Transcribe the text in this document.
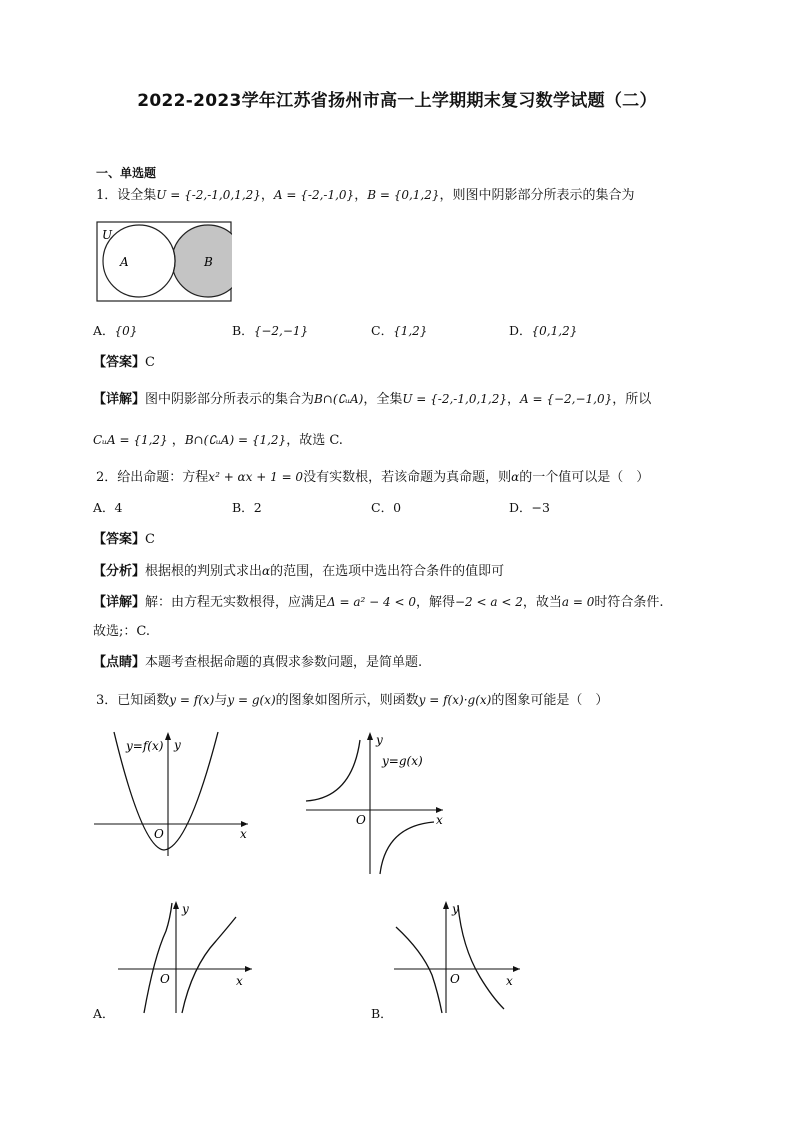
2022-2023学年江苏省扬州市高一上学期期末复习数学试题（二）
一、单选题
1．设全集U = {-2,-1,0,1,2}，A = {-2,-1,0}，B = {0,1,2}，则图中阴影部分所表示的集合为
U
A	B
A．{0}	B．{−2,−1}	C．{1,2}	D．{0,1,2}
【答案】C
【详解】图中阴影部分所表示的集合为B∩(∁ᵤA)，全集U = {-2,-1,0,1,2}，A = {−2,−1,0}，所以
CᵤA = {1,2} ，B∩(∁ᵤA) = {1,2}，故选 C.
2．给出命题：方程x² + αx + 1 = 0没有实数根，若该命题为真命题，则α的一个值可以是（　）
A．4	B．2	C．0	D．−3
【答案】C
【分析】根据根的判别式求出α的范围，在选项中选出符合条件的值即可
【详解】解：由方程无实数根得，应满足Δ = a² − 4 < 0，解得−2 < a < 2，故当a = 0时符合条件.
故选;：C.
【点睛】本题考查根据命题的真假求参数问题，是简单题.
3．已知函数y = f(x)与y = g(x)的图象如图所示，则函数y = f(x)·g(x)的图象可能是（　）
y=f(x) y
x
O
y=g(x)
y
x
O
y
x
O
A．
y
x
O
B．
